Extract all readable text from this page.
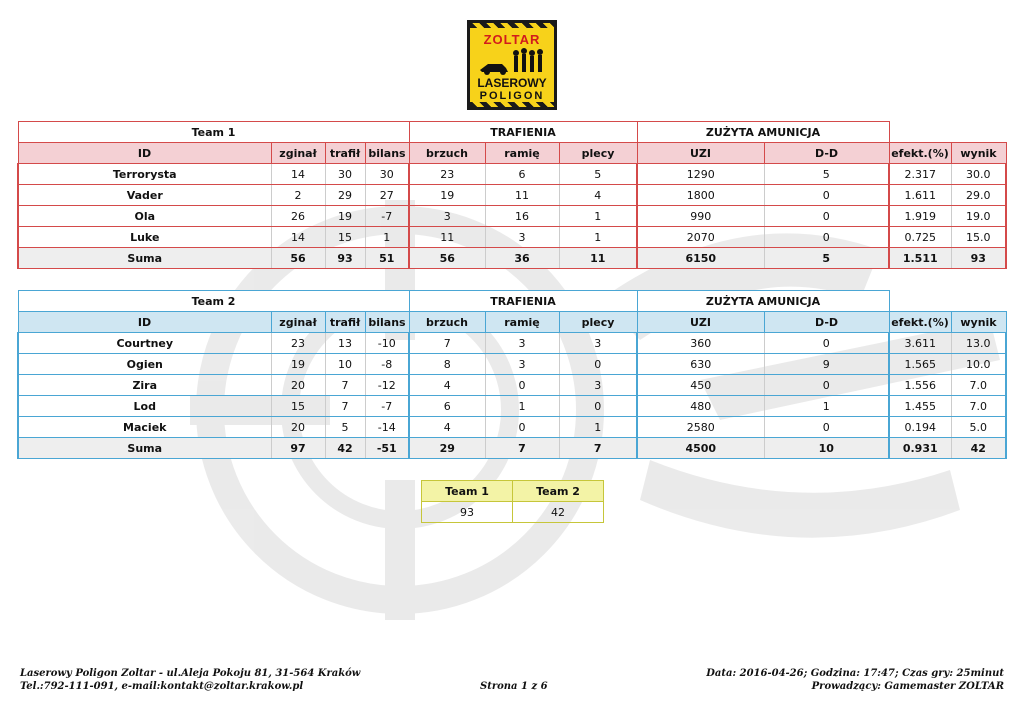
ZOLTAR
LASEROWY
POLIGON
Team 1				TRAFIENIA			ZUŻYTA AMUNICJA			
ID	zginał	trafił	bilans	brzuch	ramię	plecy	UZI	D-D	efekt.(%)	wynik
Terrorysta	14	30	30	23	6	5	1290	5	2.317	30.0
Vader	2	29	27	19	11	4	1800	0	1.611	29.0
Ola	26	19	-7	3	16	1	990	0	1.919	19.0
Luke	14	15	1	11	3	1	2070	0	0.725	15.0
Suma	56	93	51	56	36	11	6150	5	1.511	93
Team 2				TRAFIENIA			ZUŻYTA AMUNICJA			
ID	zginał	trafił	bilans	brzuch	ramię	plecy	UZI	D-D	efekt.(%)	wynik
Courtney	23	13	-10	7	3	3	360	0	3.611	13.0
Ogien	19	10	-8	8	3	0	630	9	1.565	10.0
Zira	20	7	-12	4	0	3	450	0	1.556	7.0
Lod	15	7	-7	6	1	0	480	1	1.455	7.0
Maciek	20	5	-14	4	0	1	2580	0	0.194	5.0
Suma	97	42	-51	29	7	7	4500	10	0.931	42
Team 1	Team 2
93	42
Laserowy Poligon Zoltar - ul.Aleja Pokoju 81, 31-564 Kraków
Tel.:792-111-091, e-mail:kontakt@zoltar.krakow.pl	Strona 1 z 6
Data: 2016-04-26; Godzina: 17:47; Czas gry: 25minut
Prowadzący: Gamemaster ZOLTAR
